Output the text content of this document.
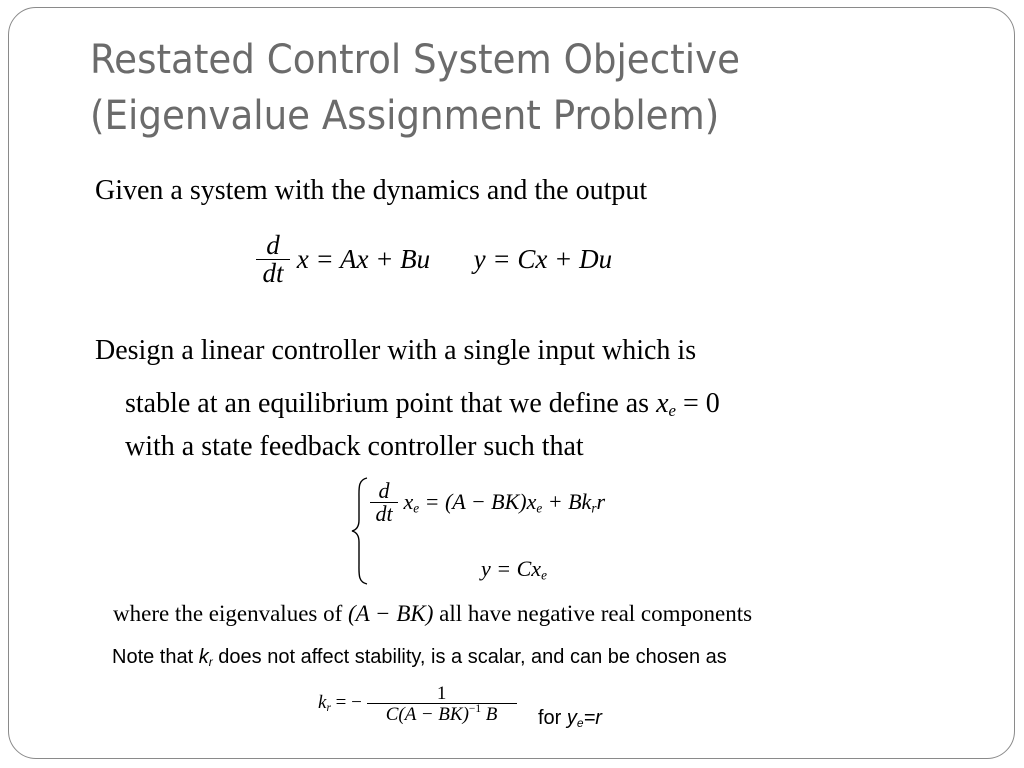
Restated Control System Objective
(Eigenvalue Assignment Problem)

Given a system with the dynamics and the output

$\frac{d}{dt}$ x = Ax + Bu y = Cx + Du

Design a linear controller with a single input which is

stable at an equilibrium point that we define as $x_e = 0$

with a state feedback controller such that

$\frac{d}{dt} x_e = (A - BK)x_e + Bk_rr$
$y = Cx_e$

where the eigenvalues of (A − BK) all have negative real components

Note that $k_r$ does not affect stability, is a scalar, and can be chosen as

$k_r$ = − $\frac{1}{C(A - BK)^{-1} B}$ for $y_e=r$
